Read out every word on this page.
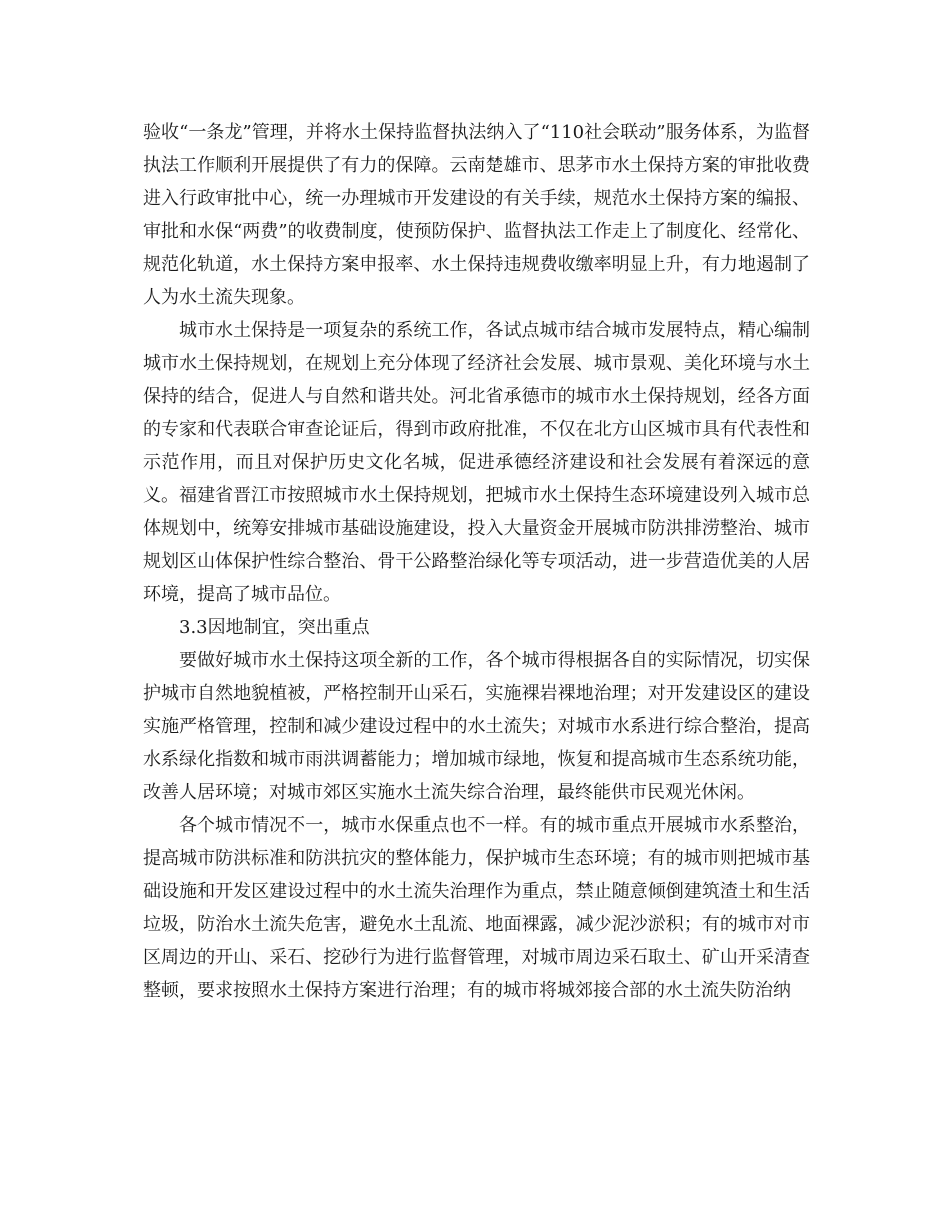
验收“一条龙”管理，并将水土保持监督执法纳入了“110社会联动”服务体系，为监督执法工作顺利开展提供了有力的保障。云南楚雄市、思茅市水土保持方案的审批收费进入行政审批中心，统一办理城市开发建设的有关手续，规范水土保持方案的编报、审批和水保“两费”的收费制度，使预防保护、监督执法工作走上了制度化、经常化、规范化轨道，水土保持方案申报率、水土保持违规费收缴率明显上升，有力地遏制了人为水土流失现象。

城市水土保持是一项复杂的系统工作，各试点城市结合城市发展特点，精心编制城市水土保持规划，在规划上充分体现了经济社会发展、城市景观、美化环境与水土保持的结合，促进人与自然和谐共处。河北省承德市的城市水土保持规划，经各方面的专家和代表联合审查论证后，得到市政府批准，不仅在北方山区城市具有代表性和示范作用，而且对保护历史文化名城，促进承德经济建设和社会发展有着深远的意义。福建省晋江市按照城市水土保持规划，把城市水土保持生态环境建设列入城市总体规划中，统筹安排城市基础设施建设，投入大量资金开展城市防洪排涝整治、城市规划区山体保护性综合整治、骨干公路整治绿化等专项活动，进一步营造优美的人居环境，提高了城市品位。

3.3因地制宜，突出重点

要做好城市水土保持这项全新的工作，各个城市得根据各自的实际情况，切实保护城市自然地貌植被，严格控制开山采石，实施裸岩裸地治理；对开发建设区的建设实施严格管理，控制和减少建设过程中的水土流失；对城市水系进行综合整治，提高水系绿化指数和城市雨洪调蓄能力；增加城市绿地，恢复和提高城市生态系统功能，改善人居环境；对城市郊区实施水土流失综合治理，最终能供市民观光休闲。

各个城市情况不一，城市水保重点也不一样。有的城市重点开展城市水系整治，提高城市防洪标准和防洪抗灾的整体能力，保护城市生态环境；有的城市则把城市基础设施和开发区建设过程中的水土流失治理作为重点，禁止随意倾倒建筑渣土和生活垃圾，防治水土流失危害，避免水土乱流、地面裸露，减少泥沙淤积；有的城市对市区周边的开山、采石、挖砂行为进行监督管理，对城市周边采石取土、矿山开采清查整顿，要求按照水土保持方案进行治理；有的城市将城郊接合部的水土流失防治纳
